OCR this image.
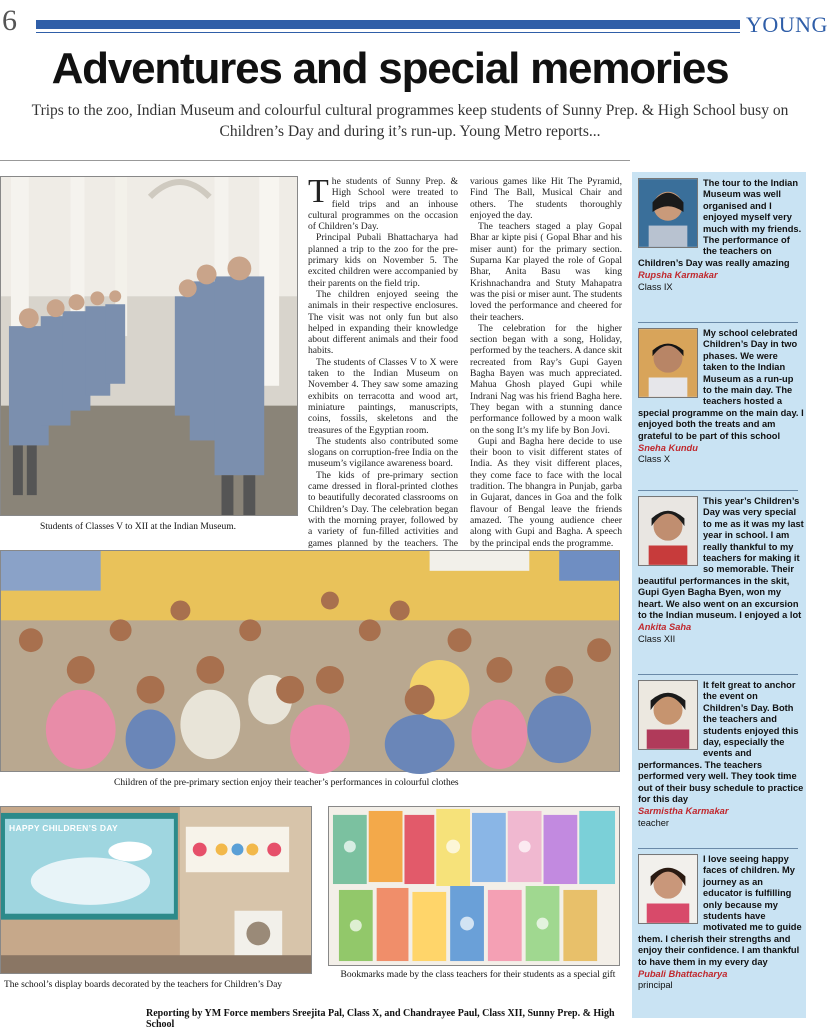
6	YOUNG
Adventures and special memories
Trips to the zoo, Indian Museum and colourful cultural programmes keep students of Sunny Prep. & High School busy on Children’s Day and during it’s run-up. Young Metro reports...
Students of Classes V to XII at the Indian Museum.
T he students of Sunny Prep. & High School were treated to field trips and an inhouse cultural programmes on the occasion of Children’s Day.

Principal Pubali Bhattacharya had planned a trip to the zoo for the pre-primary kids on November 5. The excited children were accompanied by their parents on the field trip.

The children enjoyed seeing the animals in their respective enclosures. The visit was not only fun but also helped in expanding their knowledge about different animals and their food habits.

The students of Classes V to X were taken to the Indian Museum on November 4. They saw some amazing exhibits on terracotta and wood art, miniature paintings, manuscripts, coins, fossils, skeletons and the treasures of the Egyptian room.

The students also contributed some slogans on corruption-free India on the museum’s vigilance awareness board.

The kids of pre-primary section came dressed in floral-printed clothes to beautifully decorated classrooms on Children’s Day. The celebration began with the morning prayer, followed by a variety of fun-filled activities and games planned by the teachers. The

various games like Hit The Pyramid, Find The Ball, Musical Chair and others. The students thoroughly enjoyed the day.

The teachers staged a play Gopal Bhar ar kipte pisi ( Gopal Bhar and his miser aunt) for the primary section. Suparna Kar played the role of Gopal Bhar, Anita Basu was king Krishnachandra and Stuty Mahapatra was the pisi or miser aunt. The students loved the performance and cheered for their teachers.

The celebration for the higher section began with a song, Holiday, performed by the teachers. A dance skit recreated from Ray’s Gupi Gayen Bagha Bayen was much appreciated. Mahua Ghosh played Gupi while Indrani Nag was his friend Bagha here. They began with a stunning dance performance followed by a moon walk on the song It’s my life by Bon Jovi.

Gupi and Bagha here decide to use their boon to visit different states of India. As they visit different places, they come face to face with the local tradition. The bhangra in Punjab, garba in Gujarat, dances in Goa and the folk flavour of Bengal leave the friends amazed. The young audience cheer along with Gupi and Bagha. A speech by the principal ends the programme.

Children of the pre-primary section enjoy their teacher’s performances in colourful clothes
HAPPY CHILDREN’S DAY
The school’s display boards decorated by the teachers for Children’s Day
Bookmarks made by the class teachers for their students as a special gift
The tour to the Indian Museum was well organised and I enjoyed myself very much with my friends. The performance of the teachers on Children’s Day was really amazing
Rupsha Karmakar
Class IX
My school celebrated Children’s Day in two phases. We were taken to the Indian Museum as a run-up to the main day. The teachers hosted a special programme on the main day. I enjoyed both the treats and am grateful to be part of this school
Sneha Kundu
Class X
This year’s Children’s Day was very special to me as it was my last year in school. I am really thankful to my teachers for making it so memorable. Their beautiful performances in the skit, Gupi Gyen Bagha Byen, won my heart. We also went on an excursion to the Indian museum. I enjoyed a lot
Ankita Saha
Class XII
It felt great to anchor the event on Children’s Day. Both the teachers and students enjoyed this day, especially the events and performances. The teachers performed very well. They took time out of their busy schedule to practice for this day
Sarmistha Karmakar
teacher
I love seeing happy faces of children. My journey as an educator is fulfilling only because my students have motivated me to guide them. I cherish their strengths and enjoy their confidence. I am thankful to have them in my every day
Pubali Bhattacharya
principal
Reporting by YM Force members Sreejita Pal, Class X, and Chandrayee Paul, Class XII, Sunny Prep. & High School
